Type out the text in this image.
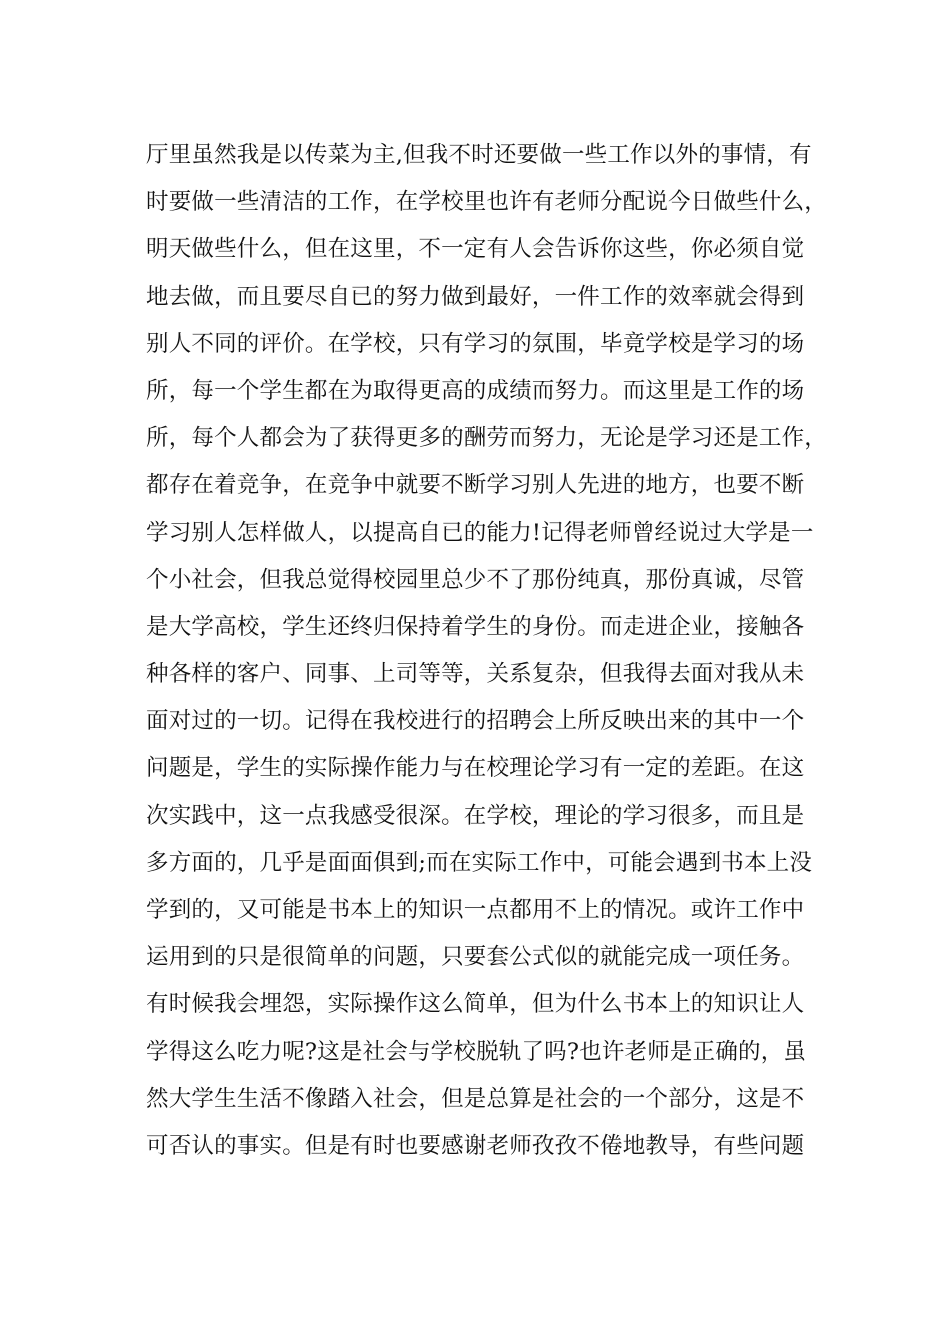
厅里虽然我是以传菜为主,但我不时还要做一些工作以外的事情，有
时要做一些清洁的工作，在学校里也许有老师分配说今日做些什么，
明天做些什么，但在这里，不一定有人会告诉你这些，你必须自觉
地去做，而且要尽自已的努力做到最好，一件工作的效率就会得到
别人不同的评价。在学校，只有学习的氛围，毕竟学校是学习的场
所，每一个学生都在为取得更高的成绩而努力。而这里是工作的场
所，每个人都会为了获得更多的酬劳而努力，无论是学习还是工作，
都存在着竞争，在竞争中就要不断学习别人先进的地方，也要不断
学习别人怎样做人，以提高自已的能力!记得老师曾经说过大学是一
个小社会，但我总觉得校园里总少不了那份纯真，那份真诚，尽管
是大学高校，学生还终归保持着学生的身份。而走进企业，接触各
种各样的客户、同事、上司等等，关系复杂，但我得去面对我从未
面对过的一切。记得在我校进行的招聘会上所反映出来的其中一个
问题是，学生的实际操作能力与在校理论学习有一定的差距。在这
次实践中，这一点我感受很深。在学校，理论的学习很多，而且是
多方面的，几乎是面面俱到;而在实际工作中，可能会遇到书本上没
学到的，又可能是书本上的知识一点都用不上的情况。或许工作中
运用到的只是很简单的问题，只要套公式似的就能完成一项任务。
有时候我会埋怨，实际操作这么简单，但为什么书本上的知识让人
学得这么吃力呢?这是社会与学校脱轨了吗?也许老师是正确的，虽
然大学生生活不像踏入社会，但是总算是社会的一个部分，这是不
可否认的事实。但是有时也要感谢老师孜孜不倦地教导，有些问题
